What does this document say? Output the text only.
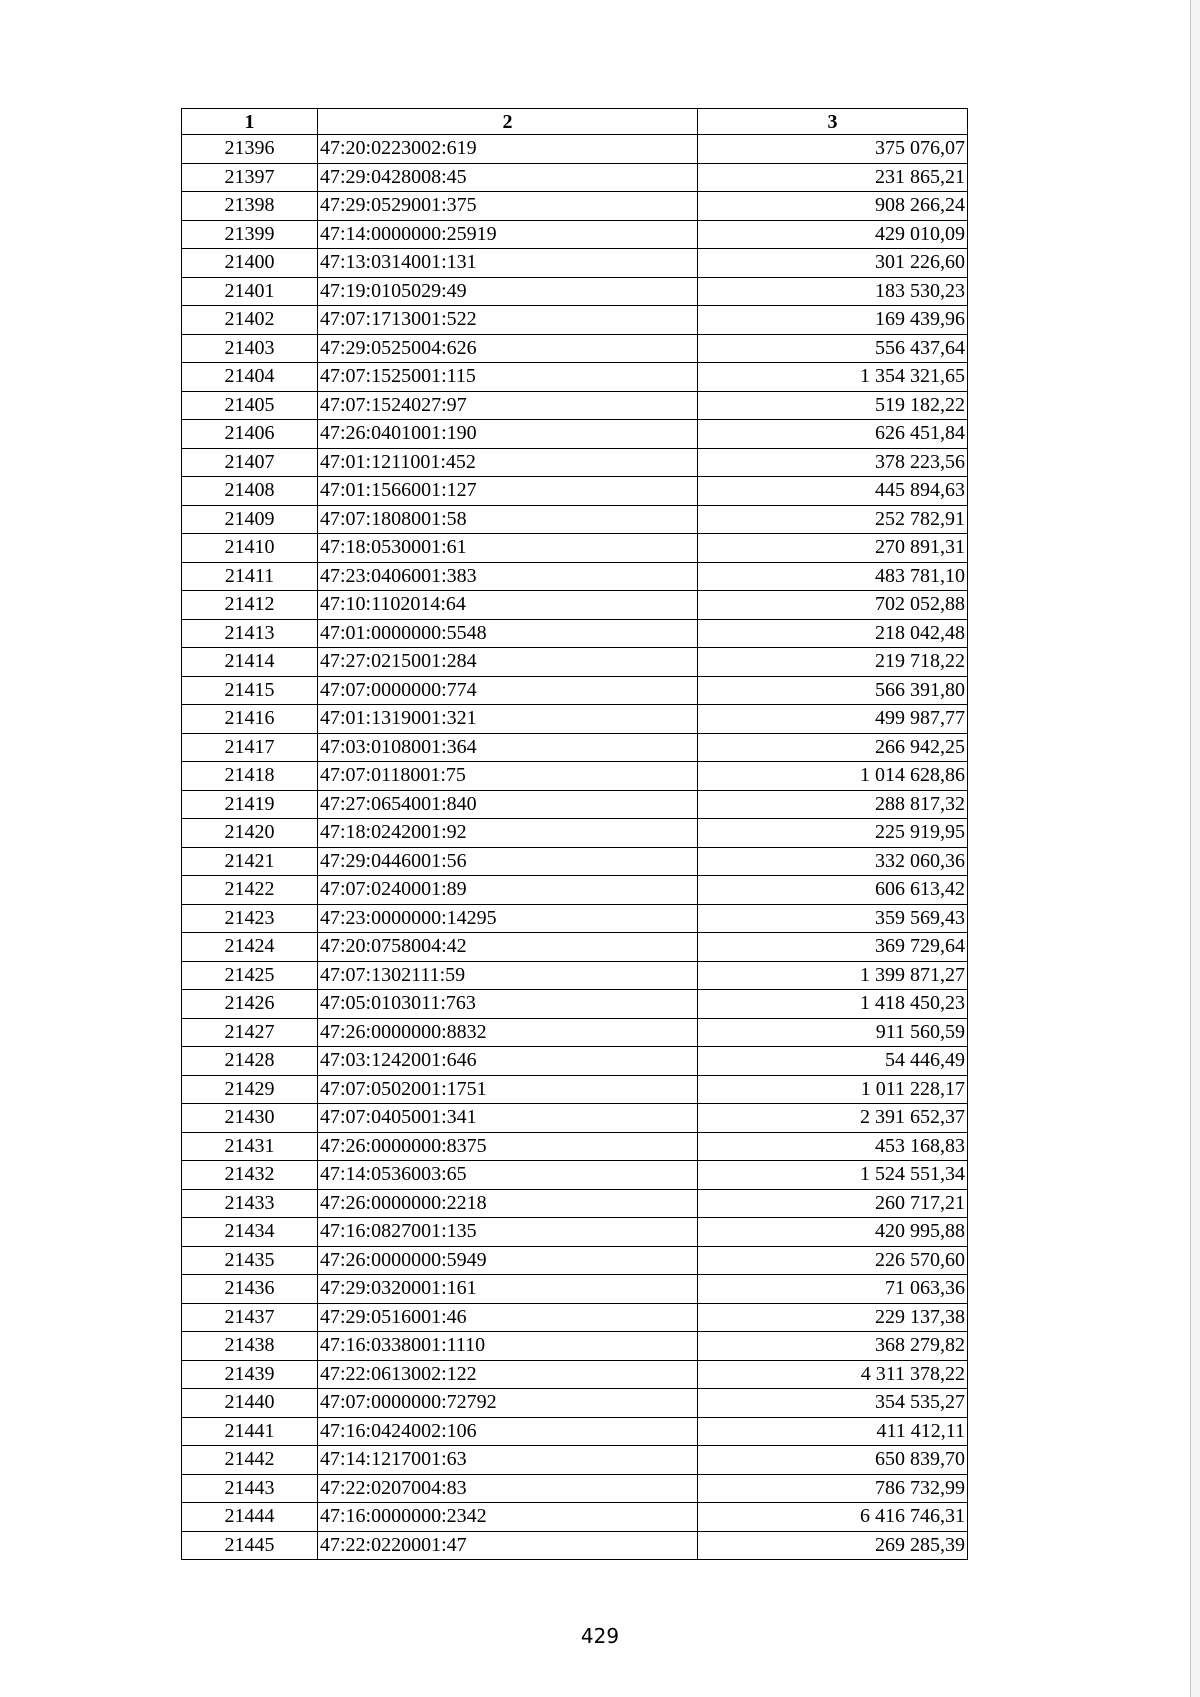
1	2	3
21396	47:20:0223002:619	375 076,07
21397	47:29:0428008:45	231 865,21
21398	47:29:0529001:375	908 266,24
21399	47:14:0000000:25919	429 010,09
21400	47:13:0314001:131	301 226,60
21401	47:19:0105029:49	183 530,23
21402	47:07:1713001:522	169 439,96
21403	47:29:0525004:626	556 437,64
21404	47:07:1525001:115	1 354 321,65
21405	47:07:1524027:97	519 182,22
21406	47:26:0401001:190	626 451,84
21407	47:01:1211001:452	378 223,56
21408	47:01:1566001:127	445 894,63
21409	47:07:1808001:58	252 782,91
21410	47:18:0530001:61	270 891,31
21411	47:23:0406001:383	483 781,10
21412	47:10:1102014:64	702 052,88
21413	47:01:0000000:5548	218 042,48
21414	47:27:0215001:284	219 718,22
21415	47:07:0000000:774	566 391,80
21416	47:01:1319001:321	499 987,77
21417	47:03:0108001:364	266 942,25
21418	47:07:0118001:75	1 014 628,86
21419	47:27:0654001:840	288 817,32
21420	47:18:0242001:92	225 919,95
21421	47:29:0446001:56	332 060,36
21422	47:07:0240001:89	606 613,42
21423	47:23:0000000:14295	359 569,43
21424	47:20:0758004:42	369 729,64
21425	47:07:1302111:59	1 399 871,27
21426	47:05:0103011:763	1 418 450,23
21427	47:26:0000000:8832	911 560,59
21428	47:03:1242001:646	54 446,49
21429	47:07:0502001:1751	1 011 228,17
21430	47:07:0405001:341	2 391 652,37
21431	47:26:0000000:8375	453 168,83
21432	47:14:0536003:65	1 524 551,34
21433	47:26:0000000:2218	260 717,21
21434	47:16:0827001:135	420 995,88
21435	47:26:0000000:5949	226 570,60
21436	47:29:0320001:161	71 063,36
21437	47:29:0516001:46	229 137,38
21438	47:16:0338001:1110	368 279,82
21439	47:22:0613002:122	4 311 378,22
21440	47:07:0000000:72792	354 535,27
21441	47:16:0424002:106	411 412,11
21442	47:14:1217001:63	650 839,70
21443	47:22:0207004:83	786 732,99
21444	47:16:0000000:2342	6 416 746,31
21445	47:22:0220001:47	269 285,39
429
